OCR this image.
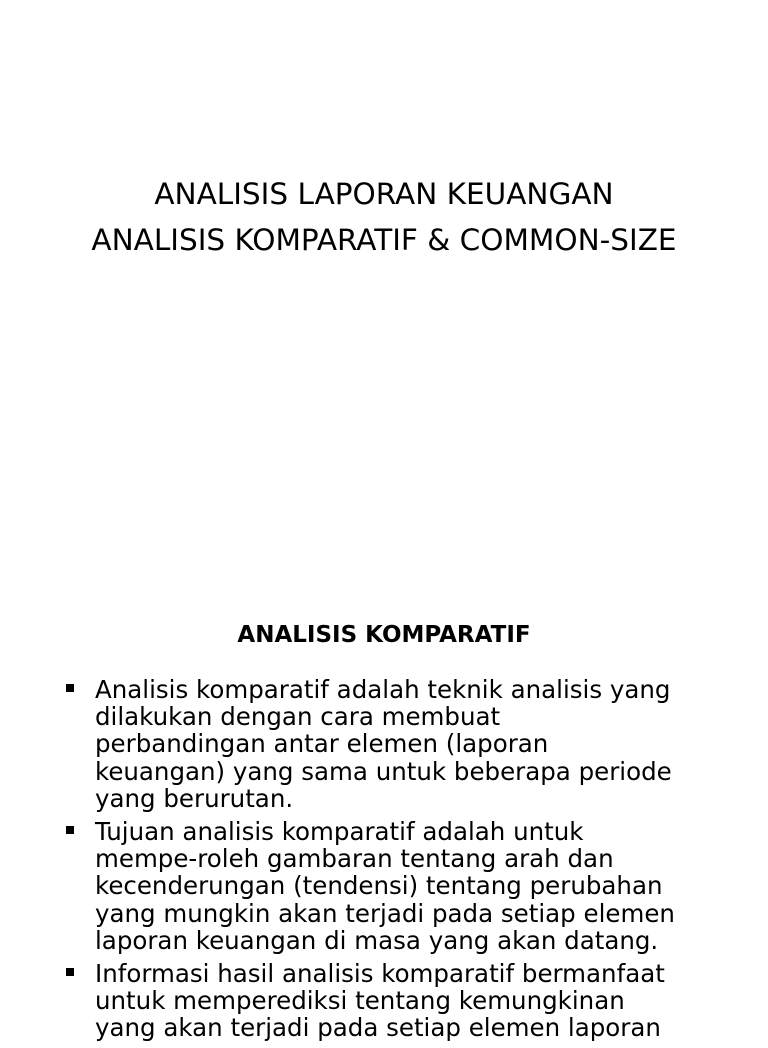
ANALISIS LAPORAN KEUANGAN
ANALISIS KOMPARATIF & COMMON-SIZE
ANALISIS KOMPARATIF
Analisis komparatif adalah teknik analisis yang
dilakukan dengan cara membuat
perbandingan antar elemen (laporan
keuangan) yang sama untuk beberapa periode
yang berurutan.
Tujuan analisis komparatif adalah untuk
mempe-roleh gambaran tentang arah dan
kecenderungan (tendensi) tentang perubahan
yang mungkin akan terjadi pada setiap elemen
laporan keuangan di masa yang akan datang.
Informasi hasil analisis komparatif bermanfaat
untuk memperediksi tentang kemungkinan
yang akan terjadi pada setiap elemen laporan
